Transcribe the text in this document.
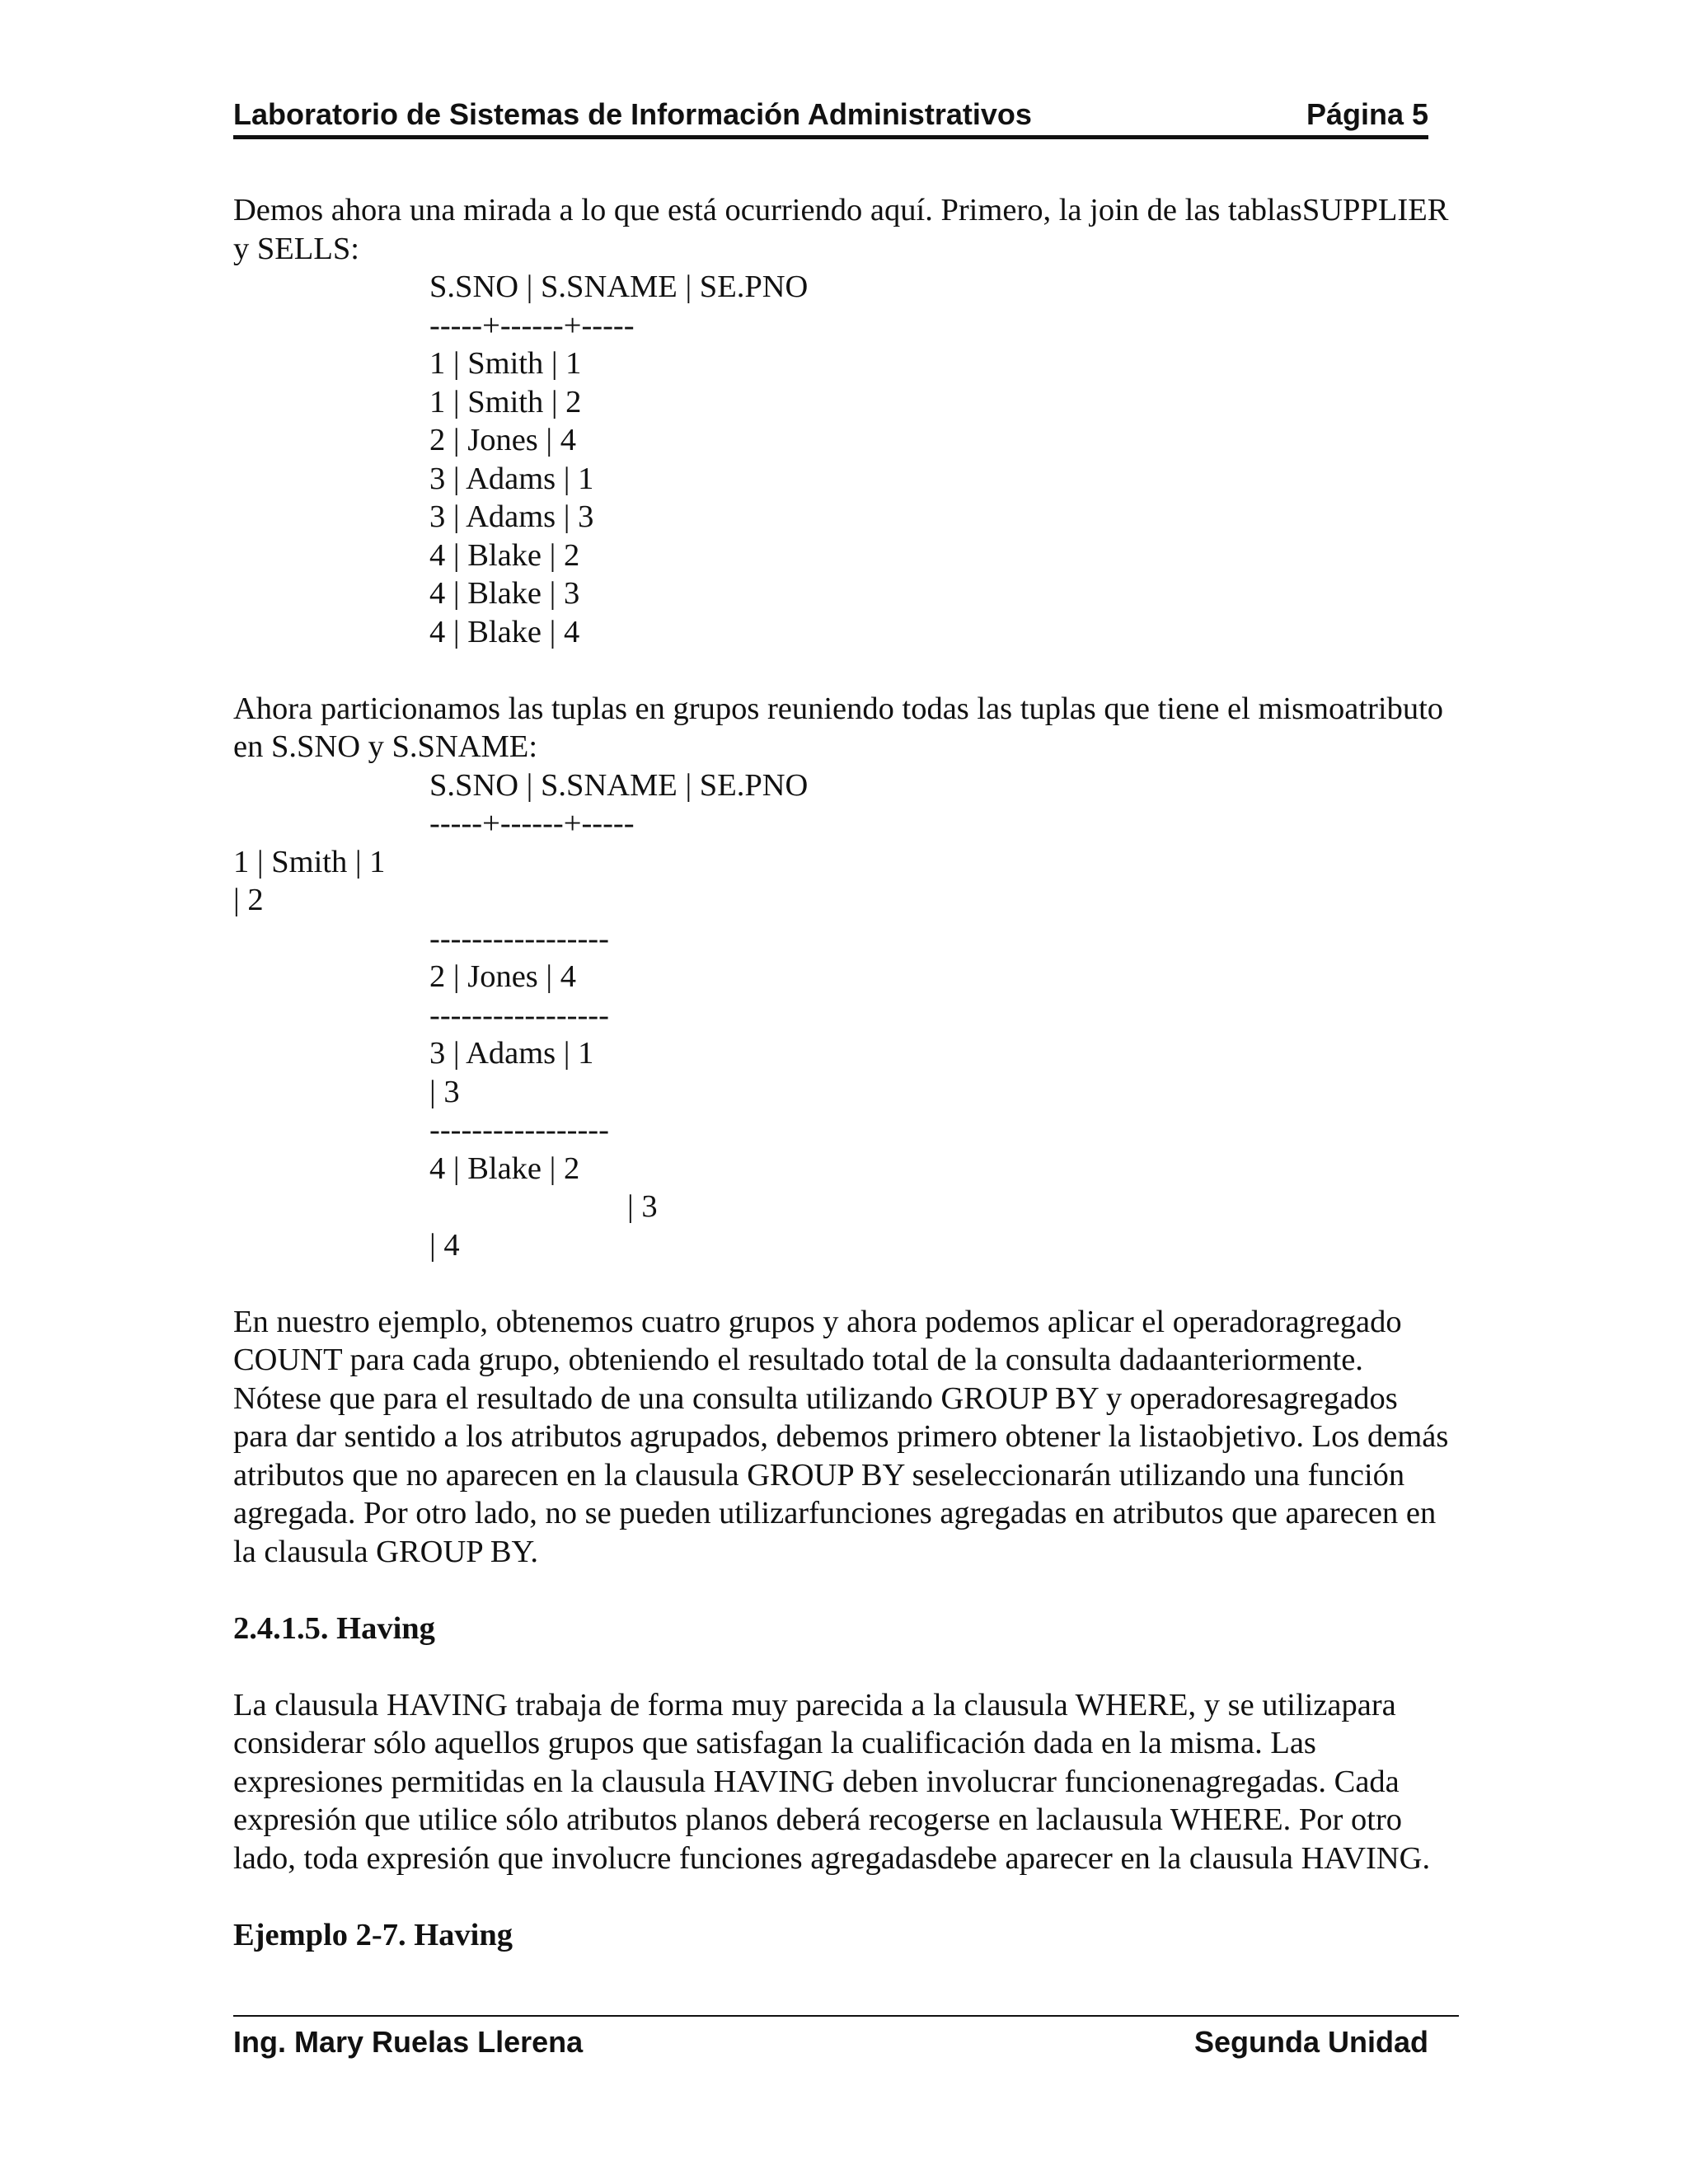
Laboratorio de Sistemas de Información Administrativos	Página 5

Demos ahora una mirada a lo que está ocurriendo aquí. Primero, la join de las tablasSUPPLIER y SELLS:

S.SNO | S.SNAME | SE.PNO
-----+------+-----
1 | Smith | 1
1 | Smith | 2
2 | Jones | 4
3 | Adams | 1
3 | Adams | 3
4 | Blake | 2
4 | Blake | 3
4 | Blake | 4

Ahora particionamos las tuplas en grupos reuniendo todas las tuplas que tiene el mismoatributo en S.SNO y S.SNAME:

S.SNO | S.SNAME | SE.PNO
-----+------+-----
1 | Smith | 1
| 2
-----------------
2 | Jones | 4
-----------------
3 | Adams | 1
| 3
-----------------
4 | Blake | 2
| 3
| 4

En nuestro ejemplo, obtenemos cuatro grupos y ahora podemos aplicar el operadoragregado COUNT para cada grupo, obteniendo el resultado total de la consulta dadaanteriormente. Nótese que para el resultado de una consulta utilizando GROUP BY y operadoresagregados para dar sentido a los atributos agrupados, debemos primero obtener la listaobjetivo. Los demás atributos que no aparecen en la clausula GROUP BY seseleccionarán utilizando una función agregada. Por otro lado, no se pueden utilizarfunciones agregadas en atributos que aparecen en la clausula GROUP BY.

2.4.1.5. Having

La clausula HAVING trabaja de forma muy parecida a la clausula WHERE, y se utilizapara considerar sólo aquellos grupos que satisfagan la cualificación dada en la misma. Las expresiones permitidas en la clausula HAVING deben involucrar funcionenagregadas. Cada expresión que utilice sólo atributos planos deberá recogerse en laclausula WHERE. Por otro lado, toda expresión que involucre funciones agregadasdebe aparecer en la clausula HAVING.

Ejemplo 2-7. Having

Ing. Mary Ruelas Llerena	Segunda Unidad
